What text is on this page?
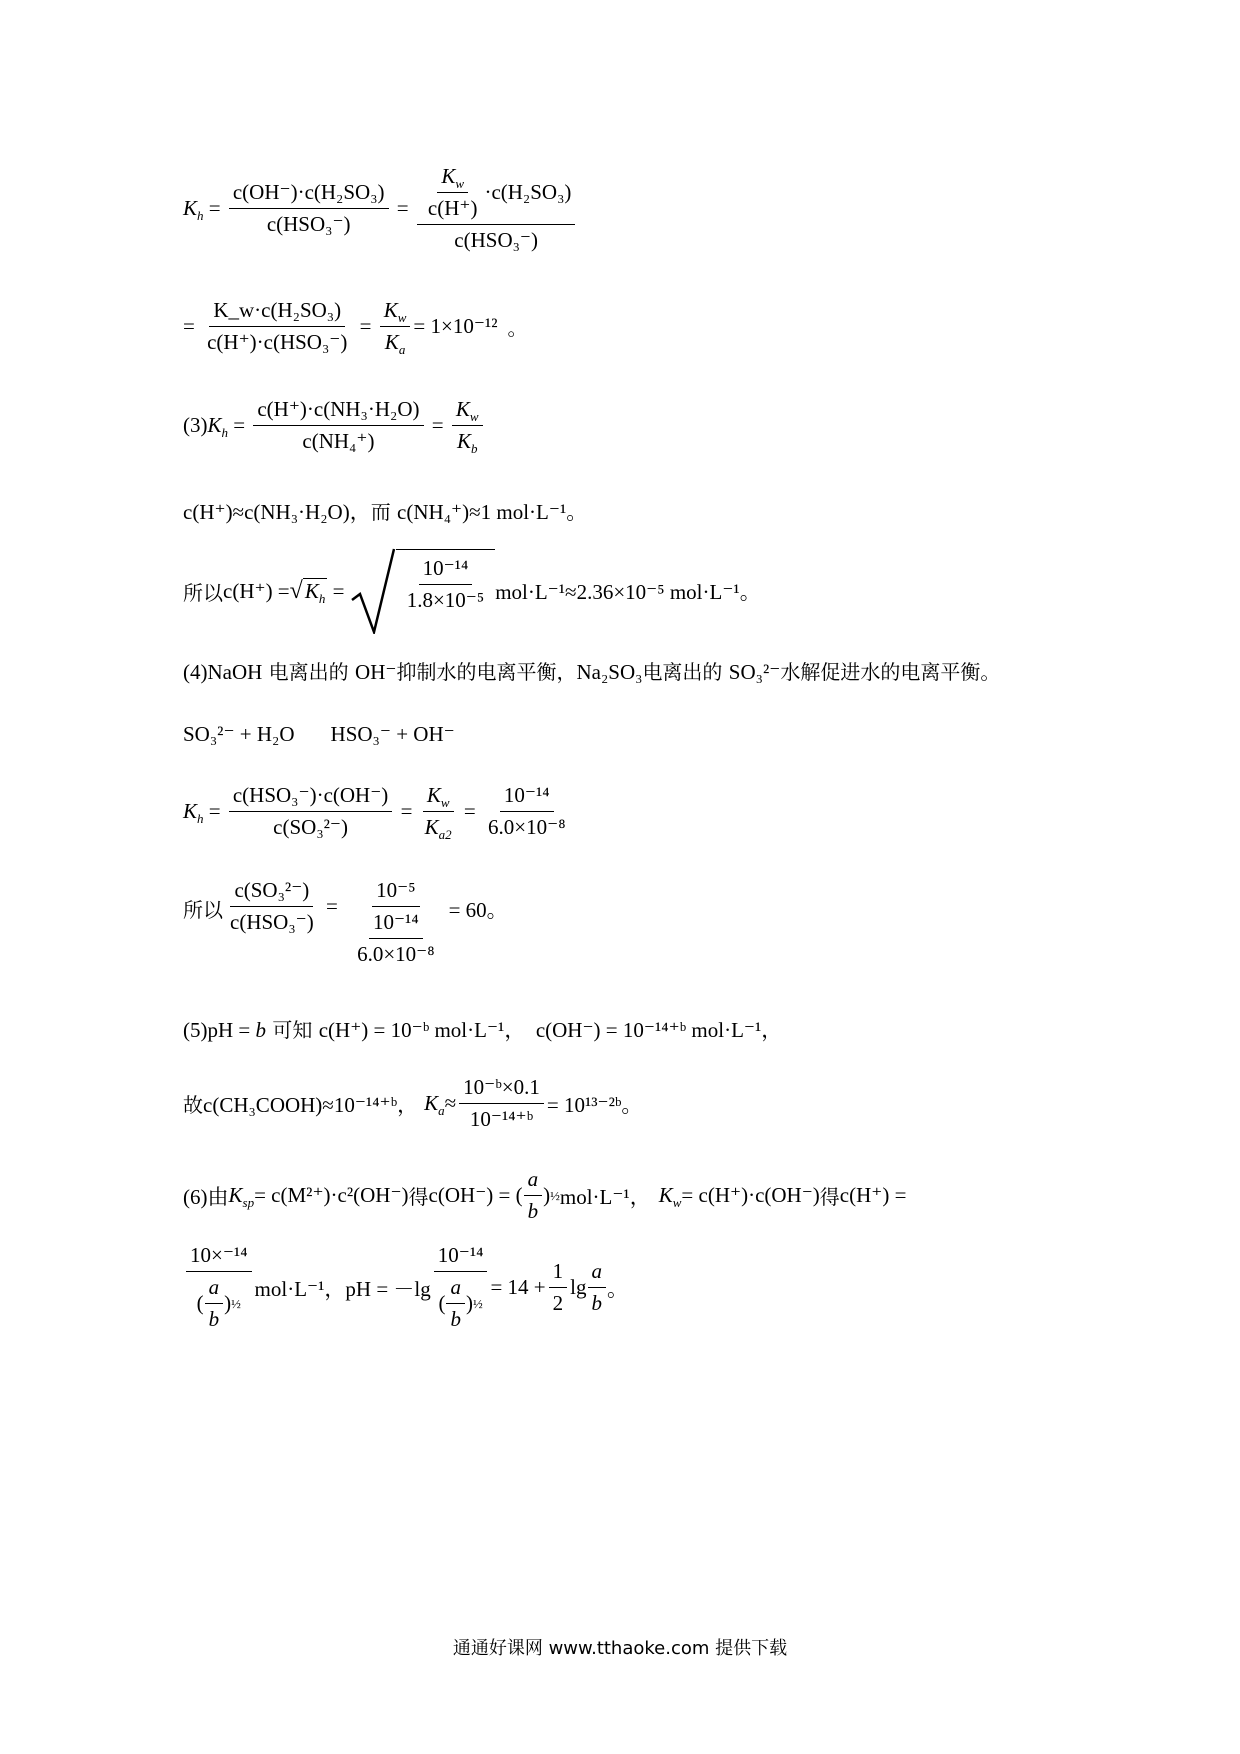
$K_h = \frac{\text{c(OH⁻)·c(H₂SO₃)}}{\text{c(HSO₃⁻)}} = \frac{\frac{K_w}{c(H^+)} \cdot c(H_2SO_3)}{\text{c(HSO₃⁻)}}$
= $\frac{\text{K\_w·c(H₂SO₃)}}{\text{c(H⁺)·c(HSO₃⁻)}} = \frac{K_w}{K_a} = 1\times 10^{-12}$ 。
(3) $K_h = \frac{\text{c(H⁺)·c(NH₃·H₂O)}}{\text{c(NH₄⁺)}} = \frac{K_w}{K_b}$
c(H⁺)≈c(NH₃·H₂O)，而 c(NH₄⁺)≈1 mol·L⁻¹。
所以 c(H⁺) = √ $K_h$ =	$\frac{\text{10⁻¹⁴}}{\text{1.8×10⁻⁵}} mol\cdot L^{-1}\approx 2.36\times 10^{-5}$ mol·L⁻¹。
(4)NaOH 电离出的 OH⁻抑制水的电离平衡，Na₂SO₃电离出的 SO₃²⁻水解促进水的电离平衡。
SO₃²⁻ + H₂O HSO₃⁻ + OH⁻
$K_h = \frac{\text{c(HSO₃⁻)·c(OH⁻)}}{\text{c(SO₃²⁻)}} = \frac{K_w}{K_{a2}} = \frac{\text{10⁻¹⁴}}{\text{6.0×10⁻⁸}}$
所以 $\frac{\text{c(SO₃²⁻)}}{\text{c(HSO₃⁻)}} = \frac{\text{10⁻⁵}}{\frac{\text{10⁻¹⁴}}{\text{6.0×10⁻⁸}}} = 60$。
(5)pH = b 可知 c(H⁺) = 10⁻ᵇ mol·L⁻¹， c(OH⁻) = 10⁻¹⁴⁺ᵇ mol·L⁻¹，
故 c(CH₃COOH)≈10⁻¹⁴⁺ᵇ， $K_a \approx \frac{\text{10⁻ᵇ×0.1}}{\text{10⁻¹⁴⁺ᵇ}}$ = 10¹³⁻²ᵇ。
(6)由 $K_{sp} = c(M^{2+})\cdot c^2(OH^-)$ 得 c(OH⁻) = ( $\frac{a}{b}$ ) ½ mol·L⁻¹， $K_w = c(H^+)\cdot c(OH^-)$ 得 c(H⁺) =
$\frac{\text{10×⁻¹⁴}}{( \frac{a}{b} ) \frac{1}{2}} mol\cdot L^{-1}$，pH = $-\lg \frac{\text{10⁻¹⁴}}{( \frac{a}{b} ) \frac{1}{2}} = 14 + \frac{1}{2}$ $\lg \frac{a}{b}$ 。
通通好课网 www.tthaoke.com 提供下载
